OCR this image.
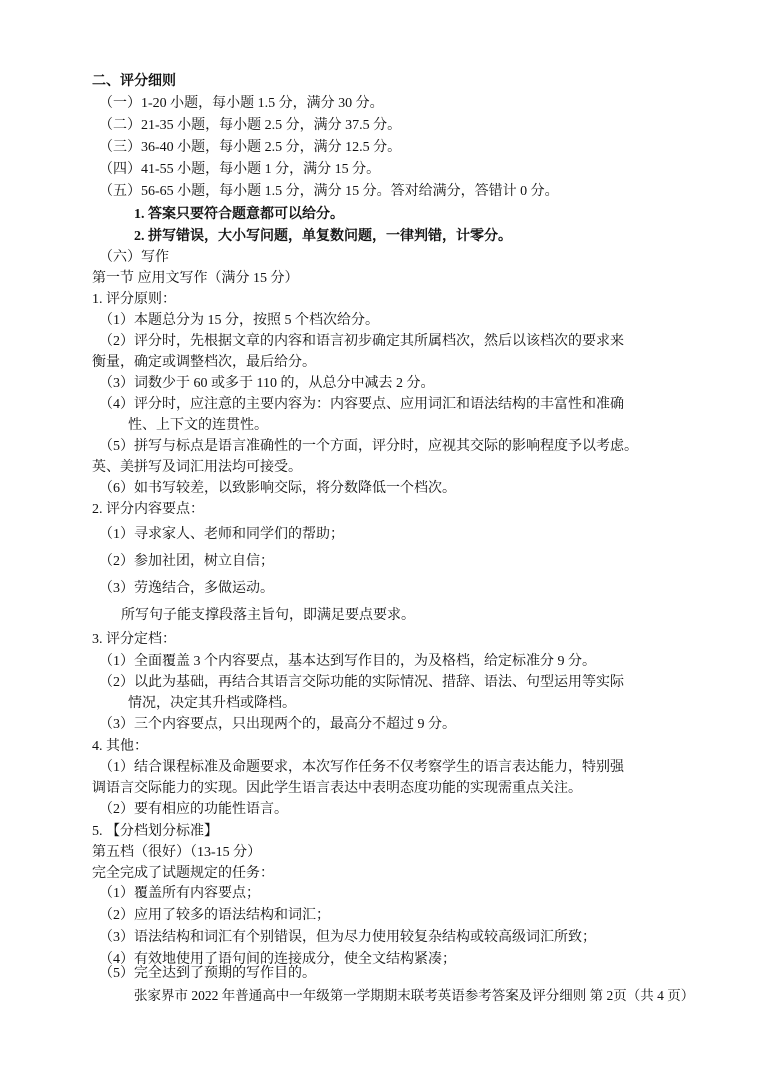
二、评分细则
（一）1-20 小题，每小题 1.5 分，满分 30 分。
（二）21-35 小题，每小题 2.5 分，满分 37.5 分。
（三）36-40 小题，每小题 2.5 分，满分 12.5 分。
（四）41-55 小题，每小题 1 分，满分 15 分。
（五）56-65 小题，每小题 1.5 分，满分 15 分。答对给满分，答错计 0 分。
1. 答案只要符合题意都可以给分。
2. 拼写错误，大小写问题，单复数问题，一律判错，计零分。
（六）写作
第一节 应用文写作（满分 15 分）
1. 评分原则：
（1）本题总分为 15 分，按照 5 个档次给分。
（2）评分时，先根据文章的内容和语言初步确定其所属档次，然后以该档次的要求来
衡量，确定或调整档次，最后给分。
（3）词数少于 60 或多于 110 的，从总分中减去 2 分。
（4）评分时，应注意的主要内容为：内容要点、应用词汇和语法结构的丰富性和准确
性、上下文的连贯性。
（5）拼写与标点是语言准确性的一个方面，评分时，应视其交际的影响程度予以考虑。
英、美拼写及词汇用法均可接受。
（6）如书写较差，以致影响交际，将分数降低一个档次。
2. 评分内容要点：
（1）寻求家人、老师和同学们的帮助；
（2）参加社团，树立自信；
（3）劳逸结合，多做运动。
所写句子能支撑段落主旨句，即满足要点要求。
3. 评分定档：
（1）全面覆盖 3 个内容要点，基本达到写作目的，为及格档，给定标准分 9 分。
（2）以此为基础，再结合其语言交际功能的实际情况、措辞、语法、句型运用等实际
情况，决定其升档或降档。
（3）三个内容要点，只出现两个的，最高分不超过 9 分。
4. 其他：
（1）结合课程标准及命题要求，本次写作任务不仅考察学生的语言表达能力，特别强
调语言交际能力的实现。因此学生语言表达中表明态度功能的实现需重点关注。
（2）要有相应的功能性语言。
5. 【分档划分标准】
第五档（很好）（13-15 分）
完全完成了试题规定的任务：
（1）覆盖所有内容要点；
（2）应用了较多的语法结构和词汇；
（3）语法结构和词汇有个别错误，但为尽力使用较复杂结构或较高级词汇所致；
（4）有效地使用了语句间的连接成分，使全文结构紧凑；
（5）完全达到了预期的写作目的。
张家界市 2022 年普通高中一年级第一学期期末联考英语参考答案及评分细则 第 2页（共 4 页）
